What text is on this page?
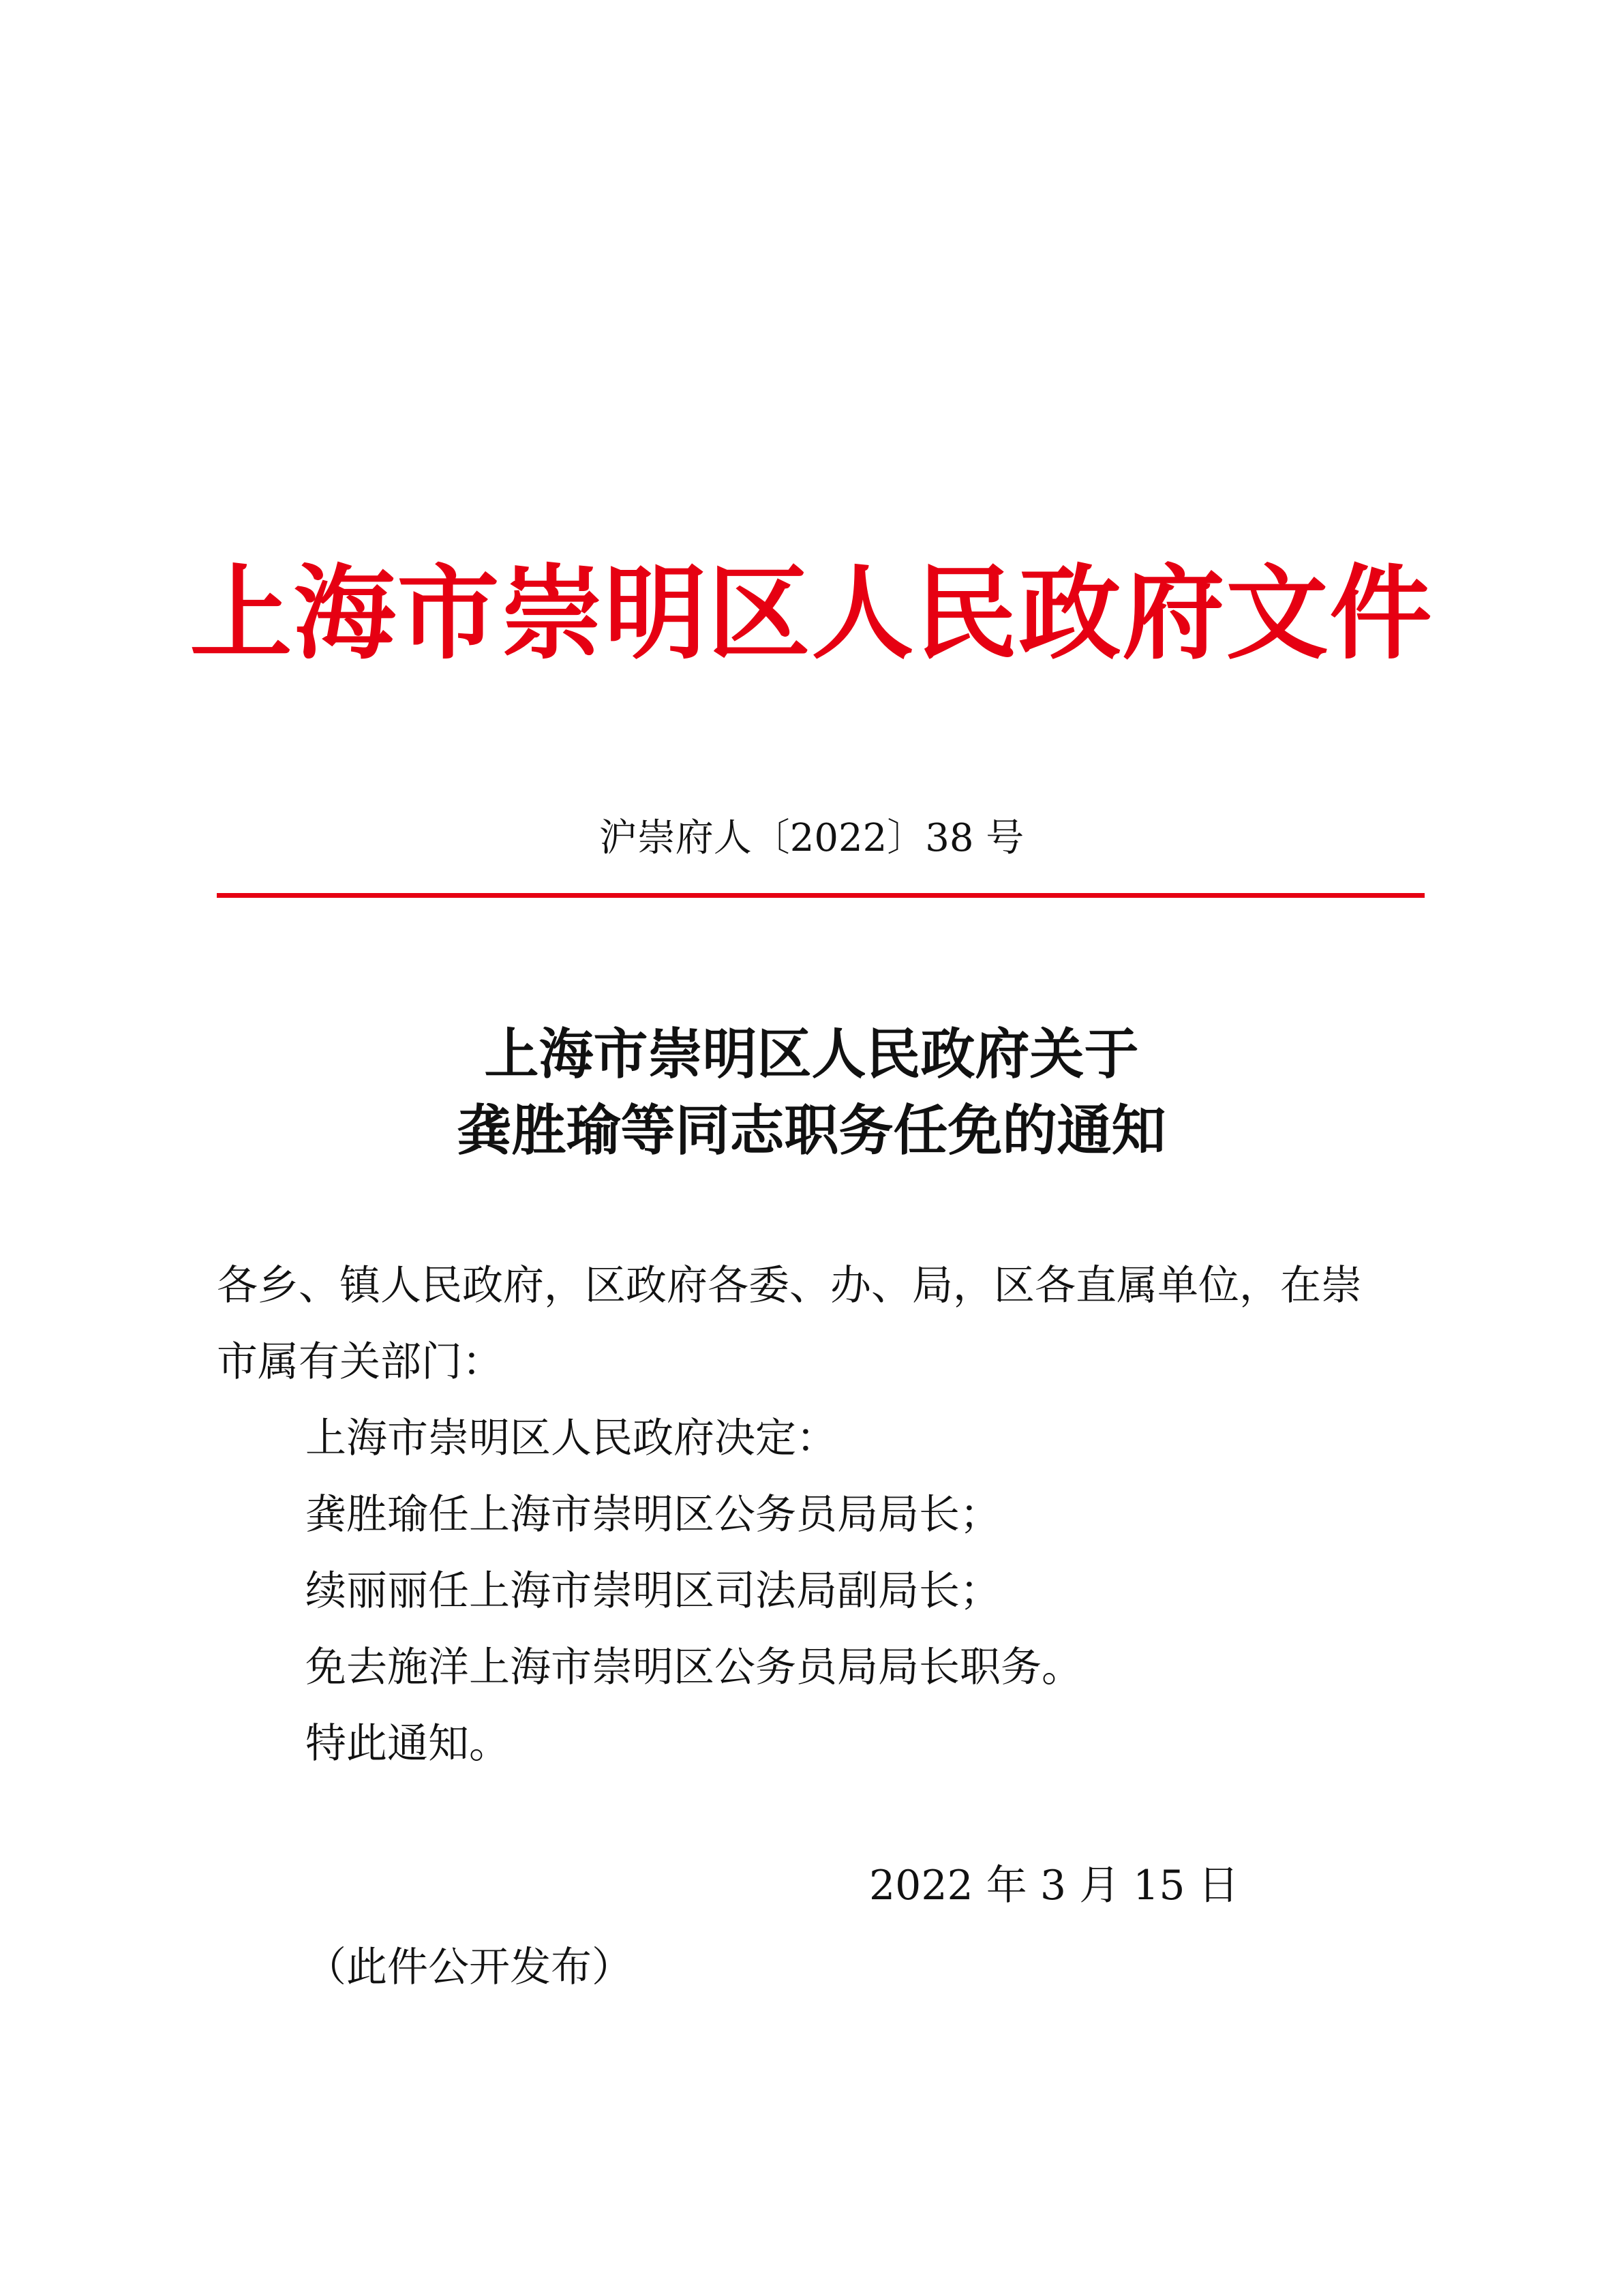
上海市崇明区人民政府文件
沪崇府人〔2022〕38 号
上海市崇明区人民政府关于
龚胜瑜等同志职务任免的通知
各乡、镇人民政府，区政府各委、办、局，区各直属单位，在崇
市属有关部门：
上海市崇明区人民政府决定：
龚胜瑜任上海市崇明区公务员局局长；
续丽丽任上海市崇明区司法局副局长；
免去施洋上海市崇明区公务员局局长职务。
特此通知。
2022 年 3 月 15 日
（此件公开发布）
